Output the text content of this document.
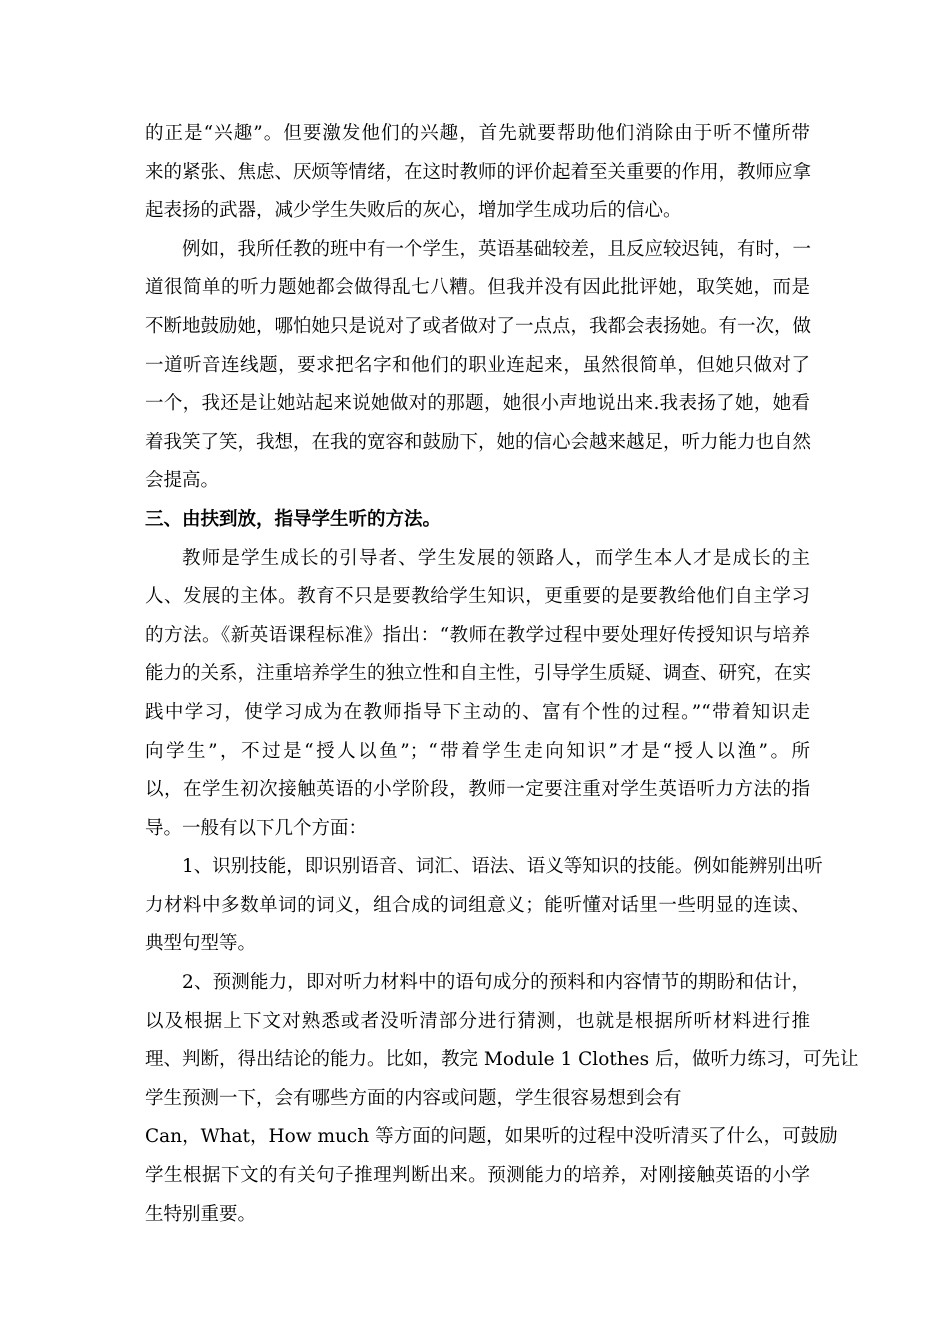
的正是“兴趣”。但要激发他们的兴趣，首先就要帮助他们消除由于听不懂所带
来的紧张、焦虑、厌烦等情绪，在这时教师的评价起着至关重要的作用，教师应拿
起表扬的武器，减少学生失败后的灰心，增加学生成功后的信心。
例如，我所任教的班中有一个学生，英语基础较差，且反应较迟钝，有时，一
道很简单的听力题她都会做得乱七八糟。但我并没有因此批评她，取笑她，而是
不断地鼓励她，哪怕她只是说对了或者做对了一点点，我都会表扬她。有一次，做
一道听音连线题，要求把名字和他们的职业连起来，虽然很简单，但她只做对了
一个，我还是让她站起来说她做对的那题，她很小声地说出来.我表扬了她，她看
着我笑了笑，我想，在我的宽容和鼓励下，她的信心会越来越足，听力能力也自然
会提高。
三、由扶到放，指导学生听的方法。
教师是学生成长的引导者、学生发展的领路人，而学生本人才是成长的主
人、发展的主体。教育不只是要教给学生知识，更重要的是要教给他们自主学习
的方法。《新英语课程标准》指出：“教师在教学过程中要处理好传授知识与培养
能力的关系，注重培养学生的独立性和自主性，引导学生质疑、调查、研究，在实
践中学习，使学习成为在教师指导下主动的、富有个性的过程。”“带着知识走
向学生”，不过是“授人以鱼”；“带着学生走向知识”才是“授人以渔”。所
以，在学生初次接触英语的小学阶段，教师一定要注重对学生英语听力方法的指
导。一般有以下几个方面：
1、识别技能，即识别语音、词汇、语法、语义等知识的技能。例如能辨别出听
力材料中多数单词的词义，组合成的词组意义；能听懂对话里一些明显的连读、
典型句型等。
2、预测能力，即对听力材料中的语句成分的预料和内容情节的期盼和估计，
以及根据上下文对熟悉或者没听清部分进行猜测，也就是根据所听材料进行推
理、判断，得出结论的能力。比如，教完 Module 1 Clothes 后，做听力练习，可先让
学生预测一下，会有哪些方面的内容或问题，学生很容易想到会有
Can，What，How much 等方面的问题，如果听的过程中没听清买了什么，可鼓励
学生根据下文的有关句子推理判断出来。预测能力的培养，对刚接触英语的小学
生特别重要。
